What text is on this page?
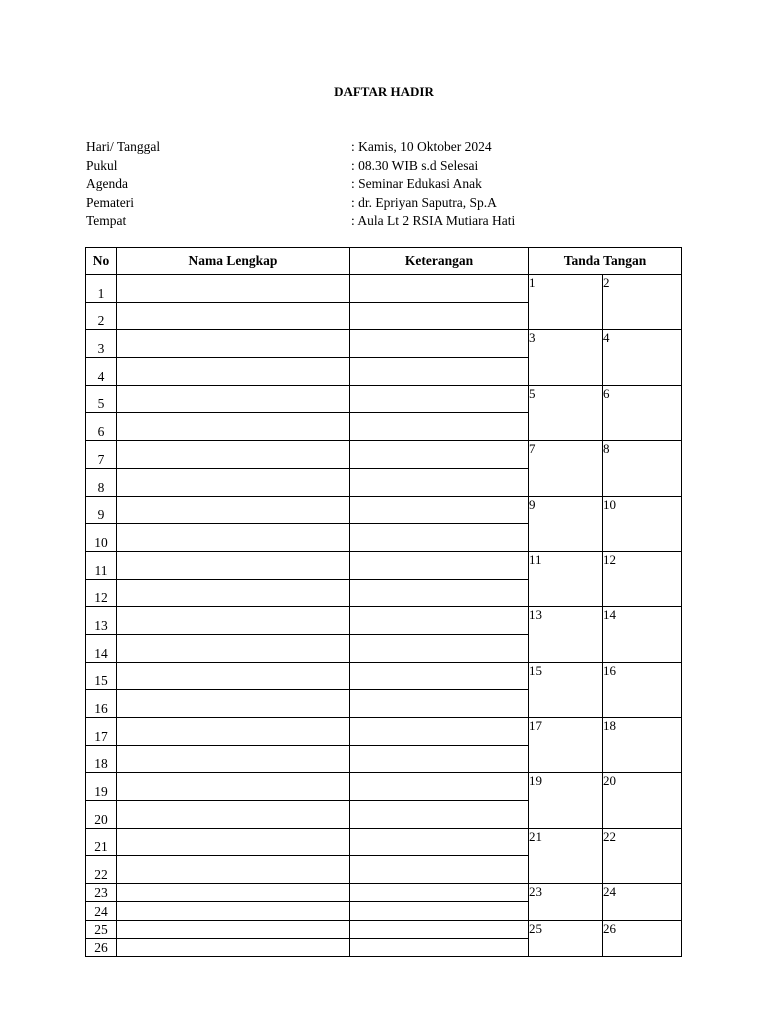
DAFTAR HADIR
Hari/ Tanggal	: Kamis, 10 Oktober 2024
Pukul	: 08.30 WIB s.d Selesai
Agenda	: Seminar Edukasi Anak
Pemateri	: dr. Epriyan Saputra, Sp.A
Tempat	: Aula Lt 2 RSIA Mutiara Hati
No	Nama Lengkap	Keterangan	Tanda Tangan	
1			1	2
2				
3			3	4
4				
5			5	6
6				
7			7	8
8				
9			9	10
10				
11			11	12
12				
13			13	14
14				
15			15	16
16				
17			17	18
18				
19			19	20
20				
21			21	22
22				
23			23	24
24				
25			25	26
26				
